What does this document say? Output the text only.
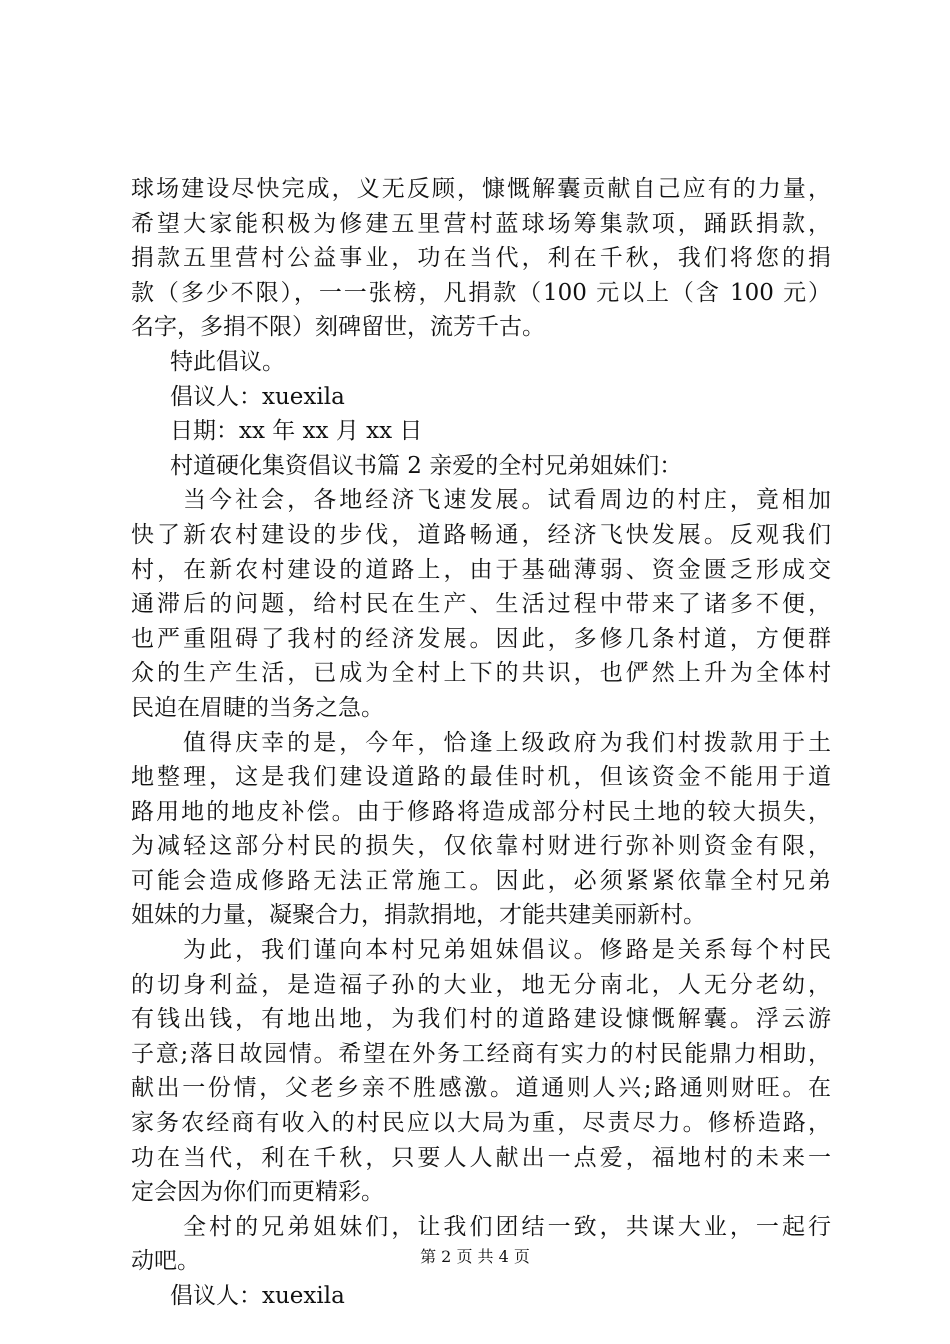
球场建设尽快完成，义无反顾，慷慨解囊贡献自己应有的力量，
希望大家能积极为修建五里营村蓝球场筹集款项，踊跃捐款，
捐款五里营村公益事业，功在当代，利在千秋，我们将您的捐
款（多少不限），一一张榜，凡捐款（100 元以上（含 100 元）
名字，多捐不限）刻碑留世，流芳千古。
特此倡议。
倡议人：xuexila
日期：xx 年 xx 月 xx 日
村道硬化集资倡议书篇 2 亲爱的全村兄弟姐妹们：
当今社会，各地经济飞速发展。试看周边的村庄，竟相加
快了新农村建设的步伐，道路畅通，经济飞快发展。反观我们
村，在新农村建设的道路上，由于基础薄弱、资金匮乏形成交
通滞后的问题，给村民在生产、生活过程中带来了诸多不便，
也严重阻碍了我村的经济发展。因此，多修几条村道，方便群
众的生产生活，已成为全村上下的共识，也俨然上升为全体村
民迫在眉睫的当务之急。
值得庆幸的是，今年，恰逢上级政府为我们村拨款用于土
地整理，这是我们建设道路的最佳时机，但该资金不能用于道
路用地的地皮补偿。由于修路将造成部分村民土地的较大损失，
为减轻这部分村民的损失，仅依靠村财进行弥补则资金有限，
可能会造成修路无法正常施工。因此，必须紧紧依靠全村兄弟
姐妹的力量，凝聚合力，捐款捐地，才能共建美丽新村。
为此，我们谨向本村兄弟姐妹倡议。修路是关系每个村民
的切身利益，是造福子孙的大业，地无分南北，人无分老幼，
有钱出钱，有地出地，为我们村的道路建设慷慨解囊。浮云游
子意;落日故园情。希望在外务工经商有实力的村民能鼎力相助，
献出一份情，父老乡亲不胜感激。道通则人兴;路通则财旺。在
家务农经商有收入的村民应以大局为重，尽责尽力。修桥造路，
功在当代，利在千秋，只要人人献出一点爱，福地村的未来一
定会因为你们而更精彩。
全村的兄弟姐妹们，让我们团结一致，共谋大业，一起行
动吧。
倡议人：xuexila
第 2 页 共 4 页
